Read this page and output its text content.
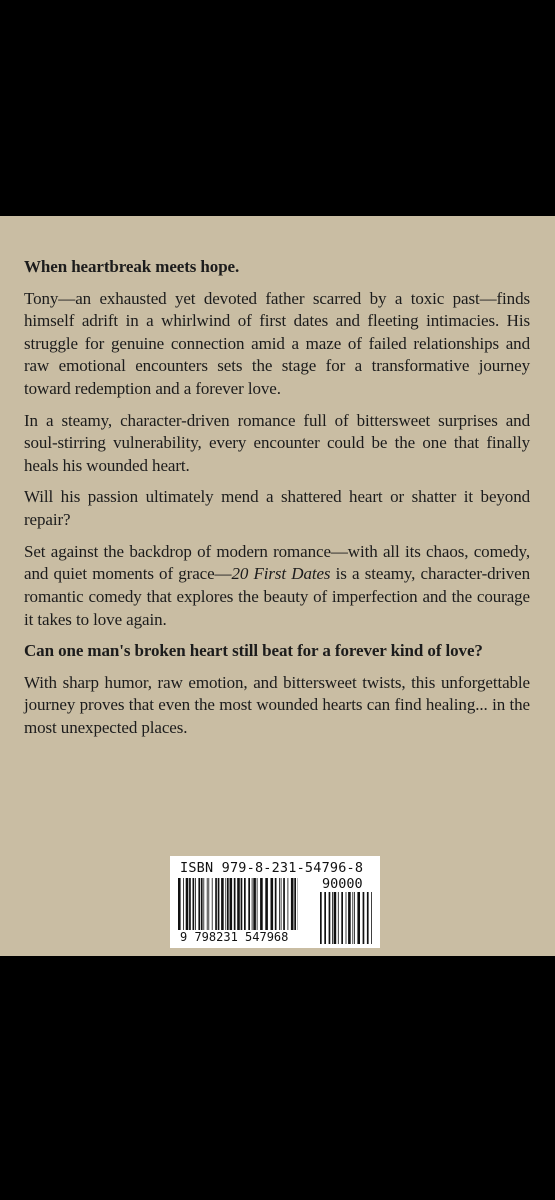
When heartbreak meets hope.

Tony—an exhausted yet devoted father scarred by a toxic past—finds himself adrift in a whirlwind of first dates and fleeting intimacies. His struggle for genuine connection amid a maze of failed relationships and raw emotional encounters sets the stage for a transformative journey toward redemption and a forever love.

In a steamy, character-driven romance full of bittersweet surprises and soul-stirring vulnerability, every encounter could be the one that finally heals his wounded heart.

Will his passion ultimately mend a shattered heart or shatter it beyond repair?

Set against the backdrop of modern romance—with all its chaos, comedy, and quiet moments of grace—20 First Dates is a steamy, character-driven romantic comedy that explores the beauty of imperfection and the courage it takes to love again.

Can one man's broken heart still beat for a forever kind of love?

With sharp humor, raw emotion, and bittersweet twists, this unforgettable journey proves that even the most wounded hearts can find healing... in the most unexpected places.

ISBN 979-8-231-54796-8
90000
9 798231 547968
